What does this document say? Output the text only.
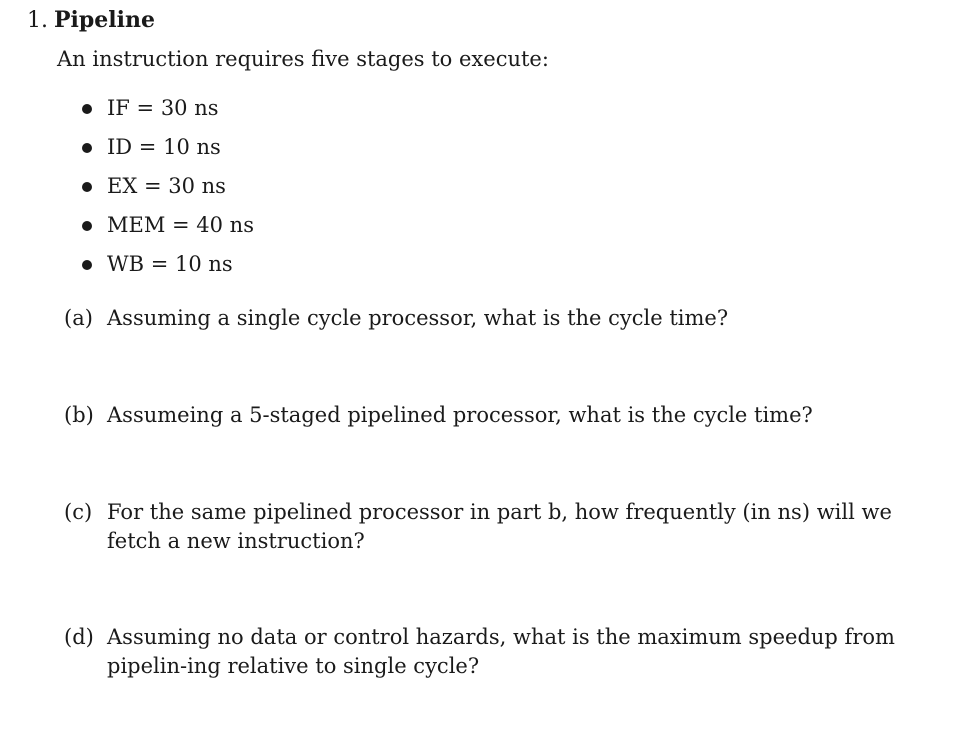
1. Pipeline
An instruction requires five stages to execute:
IF = 30 ns
ID = 10 ns
EX = 30 ns
MEM = 40 ns
WB = 10 ns
(a) Assuming a single cycle processor, what is the cycle time?
(b) Assumeing a 5-staged pipelined processor, what is the cycle time?
(c) For the same pipelined processor in part b, how frequently (in ns) will we fetch a new instruction?
(d) Assuming no data or control hazards, what is the maximum speedup from pipelin-ing relative to single cycle?
